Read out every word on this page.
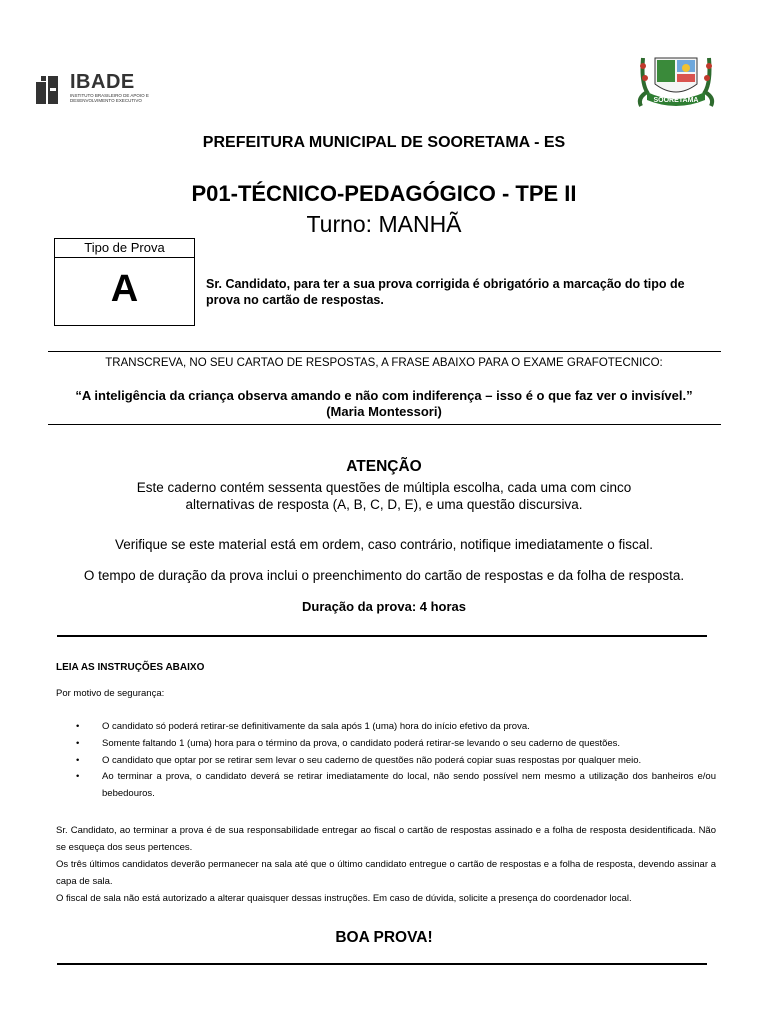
IBADE
INSTITUTO BRASILEIRO DE APOIO E DESENVOLVIMENTO EXECUTIVO	SOORETAMA
PREFEITURA MUNICIPAL DE SOORETAMA - ES
P01-TÉCNICO-PEDAGÓGICO - TPE II
Turno: MANHÃ
Tipo de Prova
A	Sr. Candidato, para ter a sua prova corrigida é obrigatório a marcação do tipo de prova no cartão de respostas.
TRANSCREVA, NO SEU CARTAO DE RESPOSTAS, A FRASE ABAIXO PARA O EXAME GRAFOTECNICO:
“A inteligência da criança observa amando e não com indiferença – isso é o que faz ver o invisível.” (Maria Montessori)
ATENÇÃO
Este caderno contém sessenta questões de múltipla escolha, cada uma com cinco alternativas de resposta (A, B, C, D, E), e uma questão discursiva.
Verifique se este material está em ordem, caso contrário, notifique imediatamente o fiscal.
O tempo de duração da prova inclui o preenchimento do cartão de respostas e da folha de resposta.
Duração da prova: 4 horas
LEIA AS INSTRUÇÕES ABAIXO
Por motivo de segurança:
• O candidato só poderá retirar-se definitivamente da sala após 1 (uma) hora do início efetivo da prova.
• Somente faltando 1 (uma) hora para o término da prova, o candidato poderá retirar-se levando o seu caderno de questões.
• O candidato que optar por se retirar sem levar o seu caderno de questões não poderá copiar suas respostas por qualquer meio.
• Ao terminar a prova, o candidato deverá se retirar imediatamente do local, não sendo possível nem mesmo a utilização dos banheiros e/ou bebedouros.

Sr. Candidato, ao terminar a prova é de sua responsabilidade entregar ao fiscal o cartão de respostas assinado e a folha de resposta desidentificada. Não se esqueça dos seus pertences.

Os três últimos candidatos deverão permanecer na sala até que o último candidato entregue o cartão de respostas e a folha de resposta, devendo assinar a capa de sala.

O fiscal de sala não está autorizado a alterar quaisquer dessas instruções. Em caso de dúvida, solicite a presença do coordenador local.

BOA PROVA!
